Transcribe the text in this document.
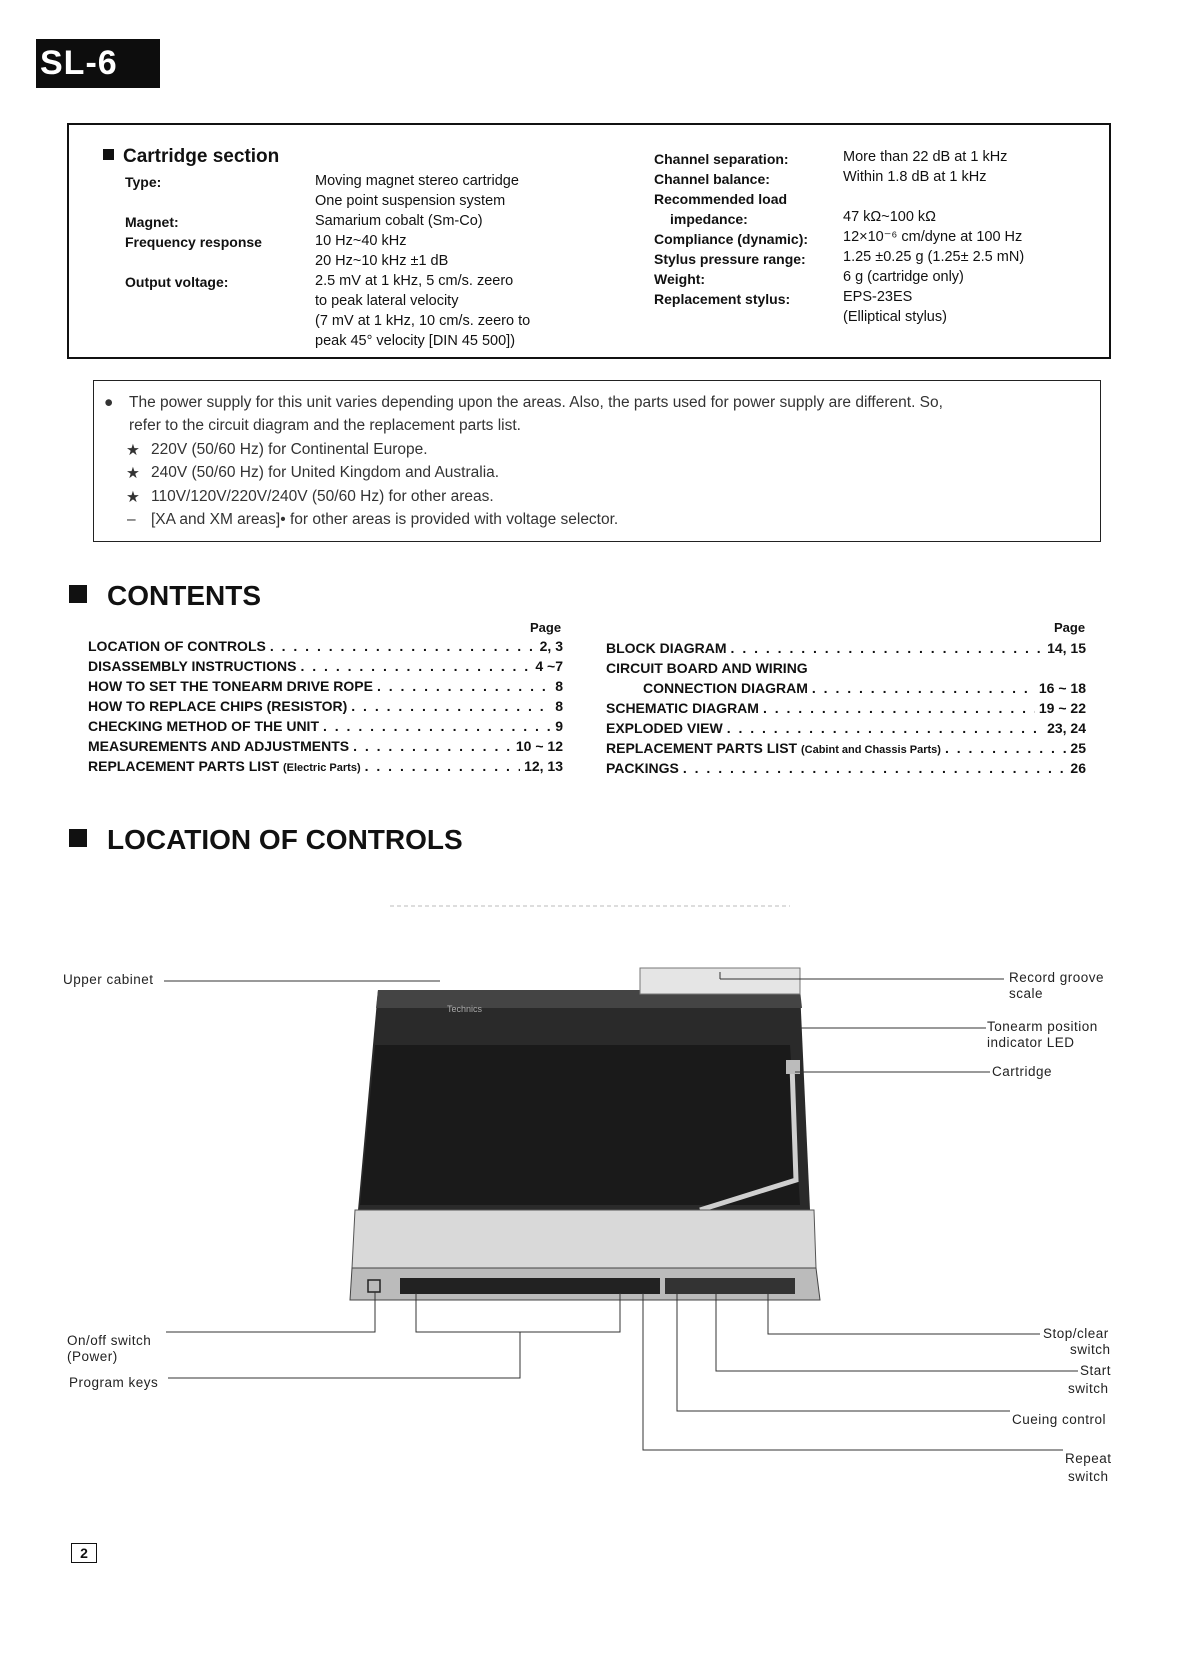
SL-6
Cartridge section
Type:	Moving magnet stereo cartridge
One point suspension system
Magnet:	Samarium cobalt (Sm-Co)
Frequency response	10 Hz~40 kHz
20 Hz~10 kHz ±1 dB
Output voltage:	2.5 mV at 1 kHz, 5 cm/s. zeero
to peak lateral velocity
(7 mV at 1 kHz, 10 cm/s. zeero to
peak 45° velocity [DIN 45 500])
Channel separation:	More than 22 dB at 1 kHz
Channel balance:	Within 1.8 dB at 1 kHz
Recommended load
impedance:	47 kΩ~100 kΩ
Compliance (dynamic): 12×10⁻⁶ cm/dyne at 100 Hz
Stylus pressure range:	1.25 ±0.25 g (1.25± 2.5 mN)
Weight:	6 g (cartridge only)
Replacement stylus:	EPS-23ES
(Elliptical stylus)
● The power supply for this unit varies depending upon the areas. Also, the parts used for power supply are different. So,
refer to the circuit diagram and the replacement parts list.
★ 220V (50/60 Hz) for Continental Europe.
★ 240V (50/60 Hz) for United Kingdom and Australia.
★ 110V/120V/220V/240V (50/60 Hz) for other areas.
– [XA and XM areas]• for other areas is provided with voltage selector.
CONTENTS
Page	Page
LOCATION OF CONTROLS . . .	2, 3
DISASSEMBLY INSTRUCTIONS . . .	4 ~7
HOW TO SET THE TONEARM DRIVE ROPE . . .	8
HOW TO REPLACE CHIPS (RESISTOR) . . .	8
CHECKING METHOD OF THE UNIT . . .	9
MEASUREMENTS AND ADJUSTMENTS . . .	10 ~ 12
REPLACEMENT PARTS LIST
(Electric Parts) . . .	12, 13
BLOCK DIAGRAM . . .	14, 15
CIRCUIT BOARD AND WIRING
CONNECTION DIAGRAM . . .	16 ~ 18
SCHEMATIC DIAGRAM . . .	19 ~ 22
EXPLODED VIEW . . .	23, 24
REPLACEMENT PARTS LIST
(Cabint and Chassis Parts) . . .	25
PACKINGS . . .	26
LOCATION OF CONTROLS
Technics
Upper cabinet	Record groove
scale
Tonearm position
indicator LED
Cartridge
On/off switch
(Power)
Program keys
Stop/clear
switch
Start
switch
Cueing control
Repeat
switch
2
